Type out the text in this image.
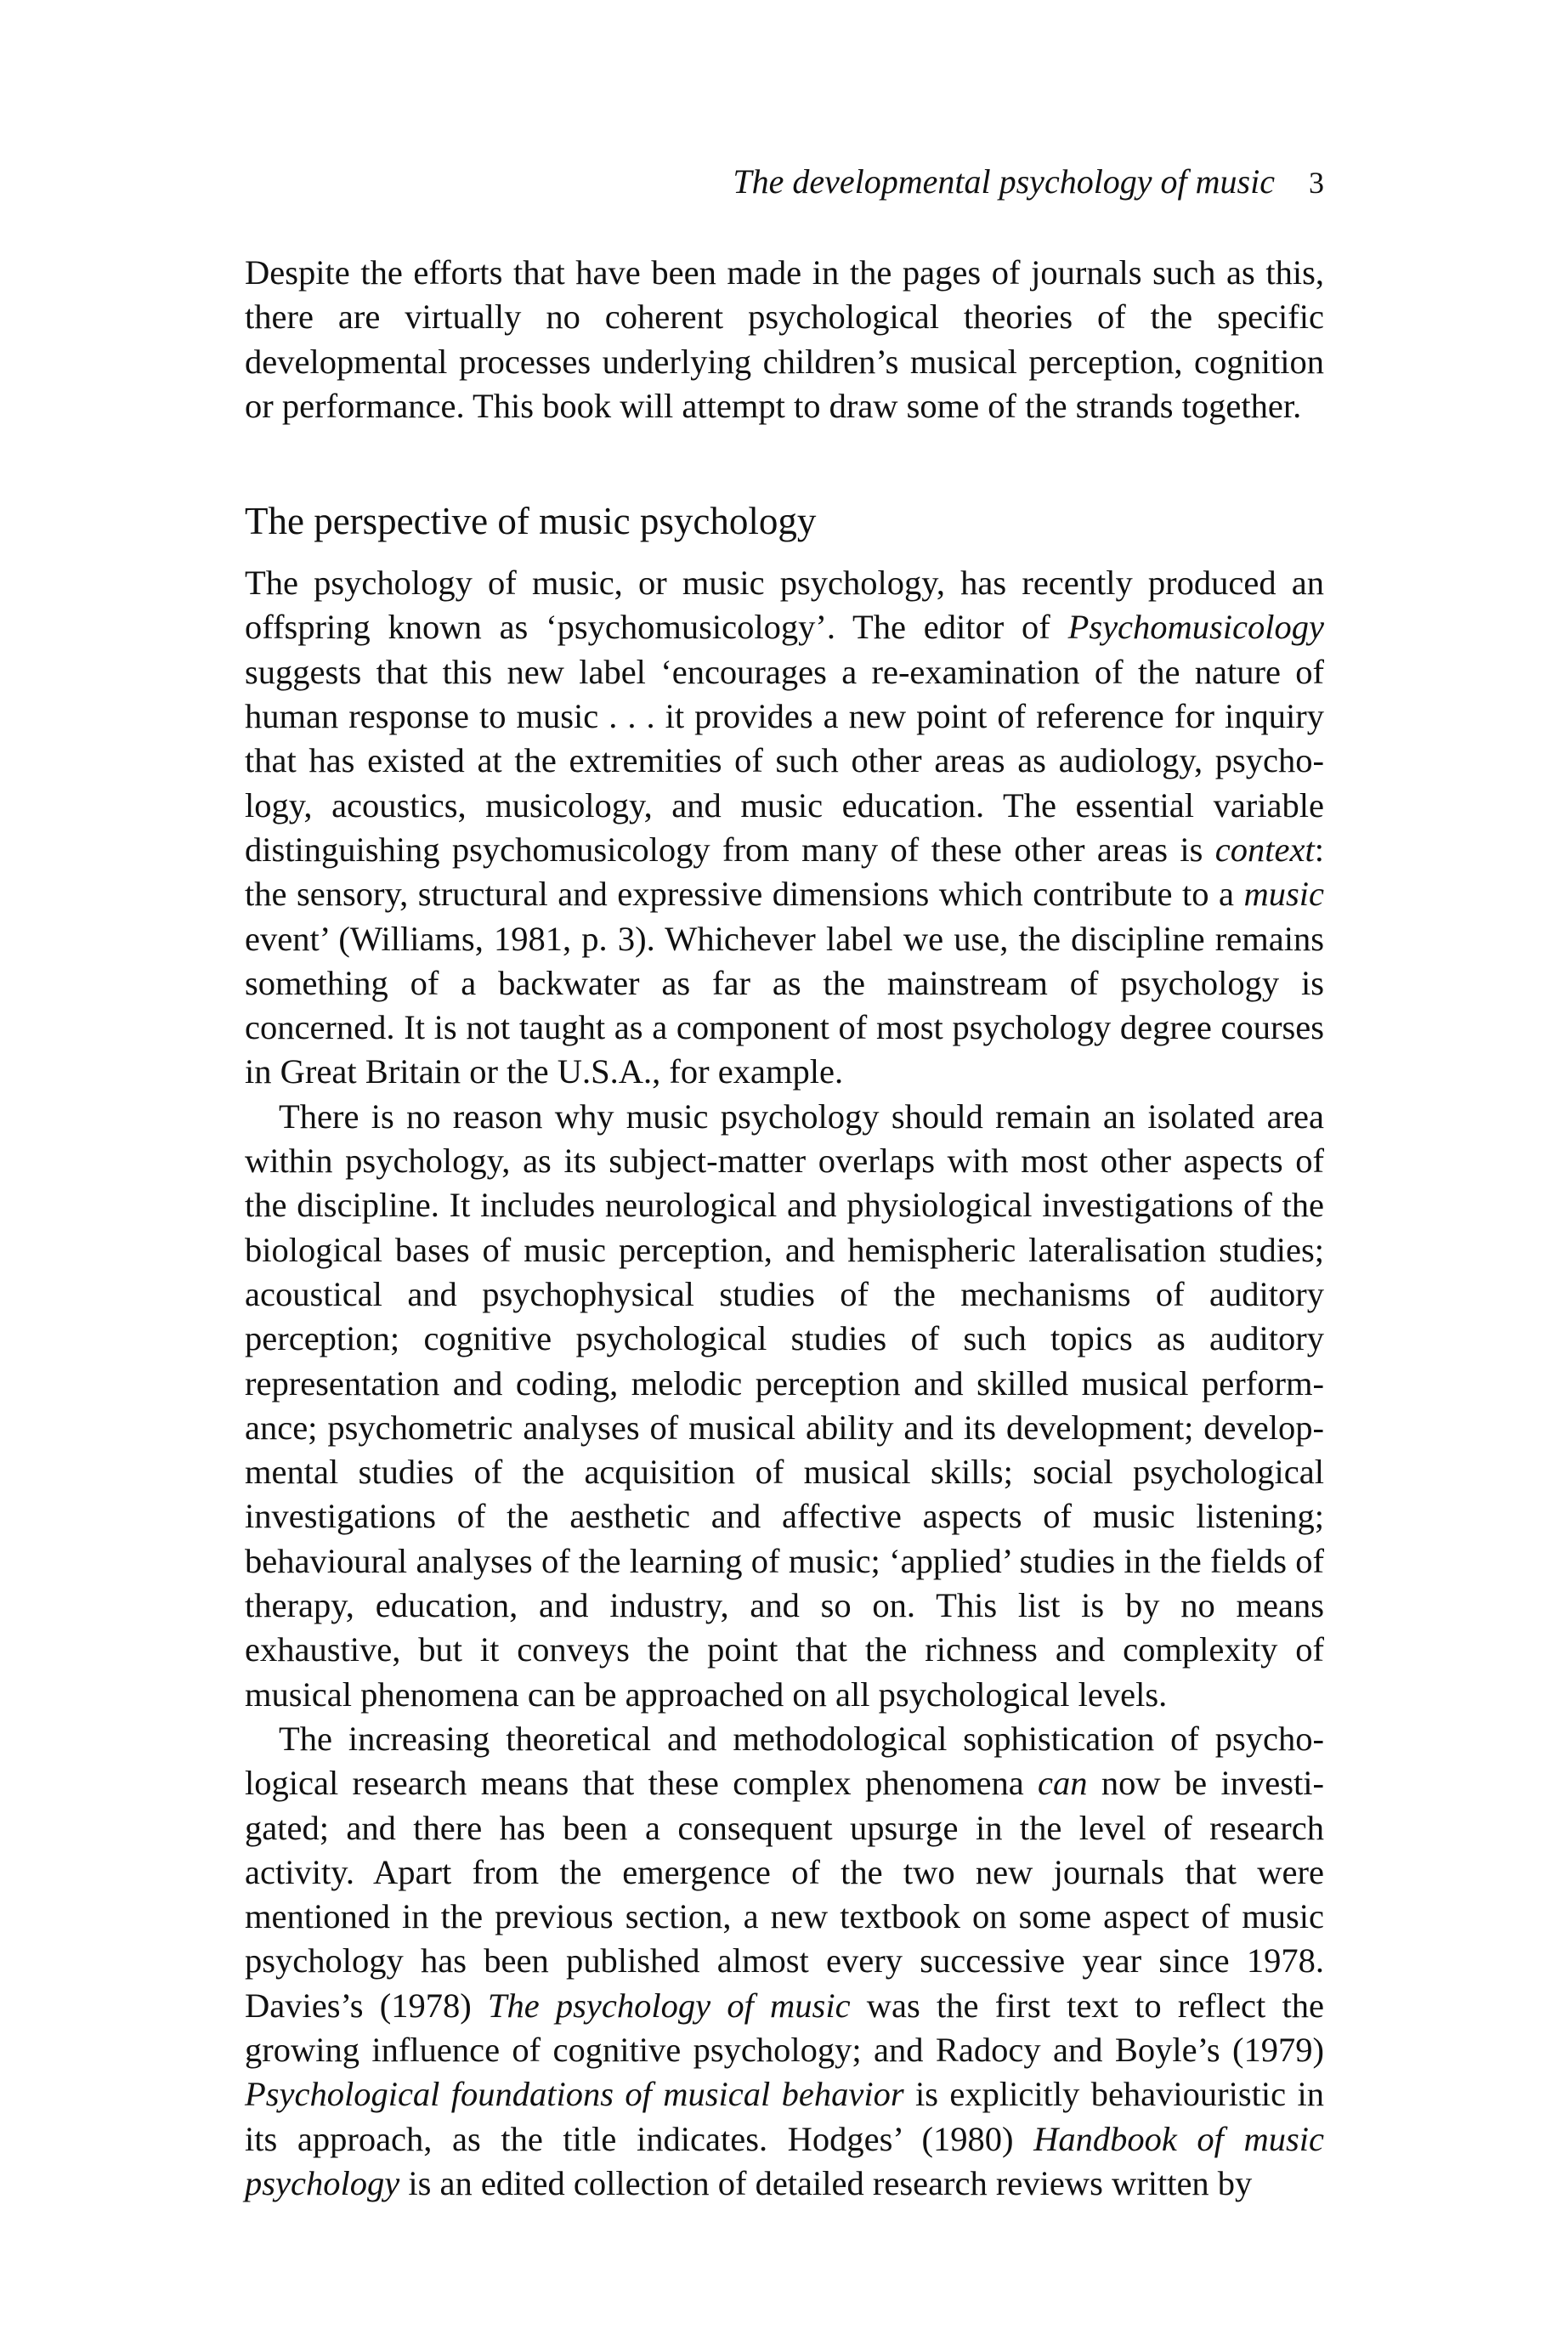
The developmental psychology of music 3

Despite the efforts that have been made in the pages of journals such as this, there are virtually no coherent psychological theories of the specific developmental processes underlying children’s musical perception, cognition or performance. This book will attempt to draw some of the strands together.

The perspective of music psychology

The psychology of music, or music psychology, has recently produced an offspring known as ‘psychomusicology’. The editor of Psychomusicology suggests that this new label ‘encourages a re-examination of the nature of human response to music . . . it provides a new point of reference for inquiry that has existed at the extremities of such other areas as audiology, psychology, acoustics, musicology, and music education. The essential variable distinguishing psychomusicology from many of these other areas is context: the sensory, structural and expressive dimensions which contribute to a music event’ (Williams, 1981, p. 3). Whichever label we use, the discipline remains something of a backwater as far as the mainstream of psychology is concerned. It is not taught as a component of most psychology degree courses in Great Britain or the U.S.A., for example.

There is no reason why music psychology should remain an isolated area within psychology, as its subject-matter overlaps with most other aspects of the discipline. It includes neurological and physiological investigations of the biological bases of music perception, and hemispheric lateralisation studies; acoustical and psychophysical studies of the mechanisms of auditory perception; cognitive psychological studies of such topics as auditory representation and coding, melodic perception and skilled musical performance; psychometric analyses of musical ability and its development; developmental studies of the acquisition of musical skills; social psychological investigations of the aesthetic and affective aspects of music listening; behavioural analyses of the learning of music; ‘applied’ studies in the fields of therapy, education, and industry, and so on. This list is by no means exhaustive, but it conveys the point that the richness and complexity of musical phenomena can be approached on all psychological levels.

The increasing theoretical and methodological sophistication of psychological research means that these complex phenomena can now be investigated; and there has been a consequent upsurge in the level of research activity. Apart from the emergence of the two new journals that were mentioned in the previous section, a new textbook on some aspect of music psychology has been published almost every successive year since 1978. Davies’s (1978) The psychology of music was the first text to reflect the growing influence of cognitive psychology; and Radocy and Boyle’s (1979) Psychological foundations of musical behavior is explicitly behaviouristic in its approach, as the title indicates. Hodges’ (1980) Handbook of music psychology is an edited collection of detailed research reviews written by
